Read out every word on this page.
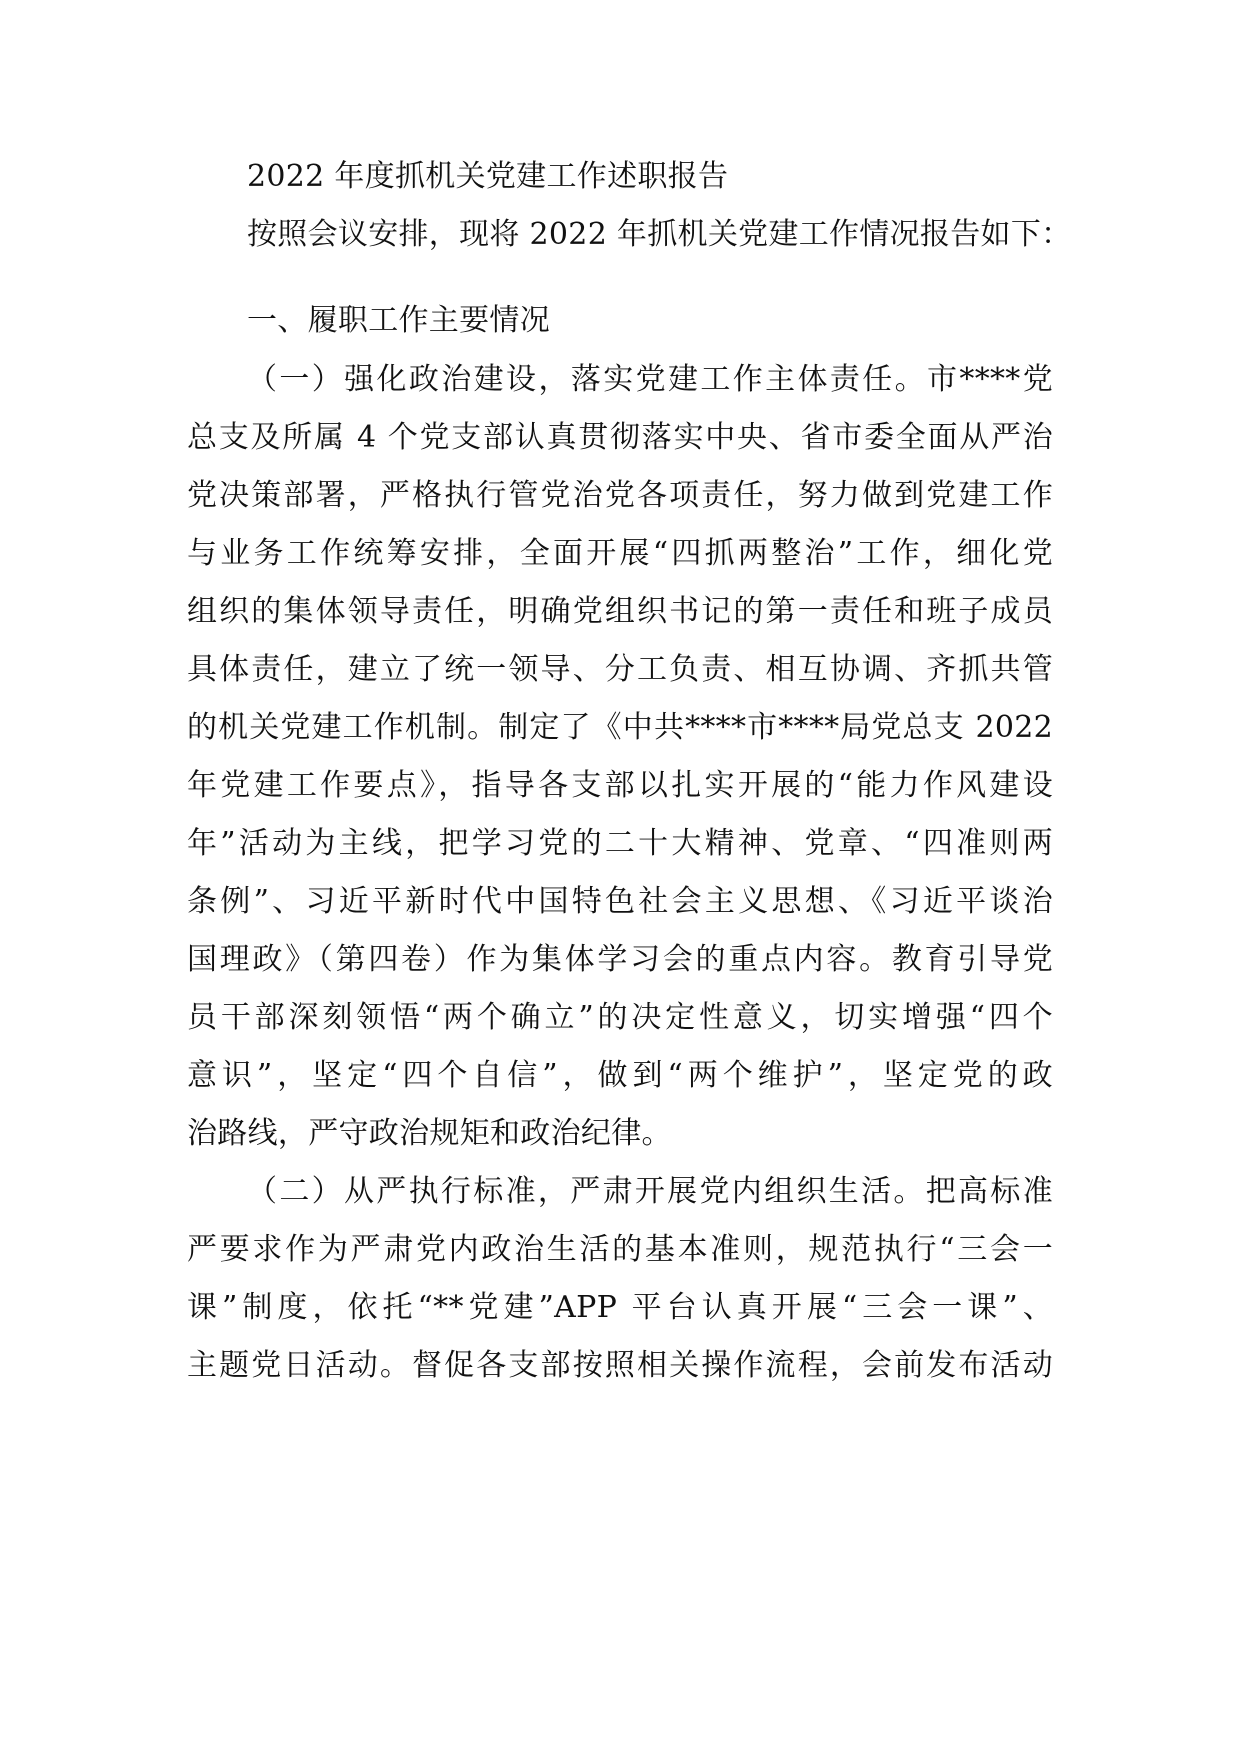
2022 年度抓机关党建工作述职报告
按照会议安排，现将 2022 年抓机关党建工作情况报告如下：
一、履职工作主要情况
（一）强化政治建设，落实党建工作主体责任。市****党
总支及所属 4 个党支部认真贯彻落实中央、省市委全面从严治
党决策部署，严格执行管党治党各项责任，努力做到党建工作
与业务工作统筹安排，全面开展“四抓两整治”工作，细化党
组织的集体领导责任，明确党组织书记的第一责任和班子成员
具体责任，建立了统一领导、分工负责、相互协调、齐抓共管
的机关党建工作机制。制定了《中共****市****局党总支 2022
年党建工作要点》，指导各支部以扎实开展的“能力作风建设
年”活动为主线，把学习党的二十大精神、党章、“四准则两
条例”、习近平新时代中国特色社会主义思想、《习近平谈治
国理政》（第四卷）作为集体学习会的重点内容。教育引导党
员干部深刻领悟“两个确立”的决定性意义，切实增强“四个
意识”，坚定“四个自信”，做到“两个维护”，坚定党的政
治路线，严守政治规矩和政治纪律。
（二）从严执行标准，严肃开展党内组织生活。把高标准
严要求作为严肃党内政治生活的基本准则，规范执行“三会一
课”制度，依托“**党建”APP 平台认真开展“三会一课”、
主题党日活动。督促各支部按照相关操作流程，会前发布活动
